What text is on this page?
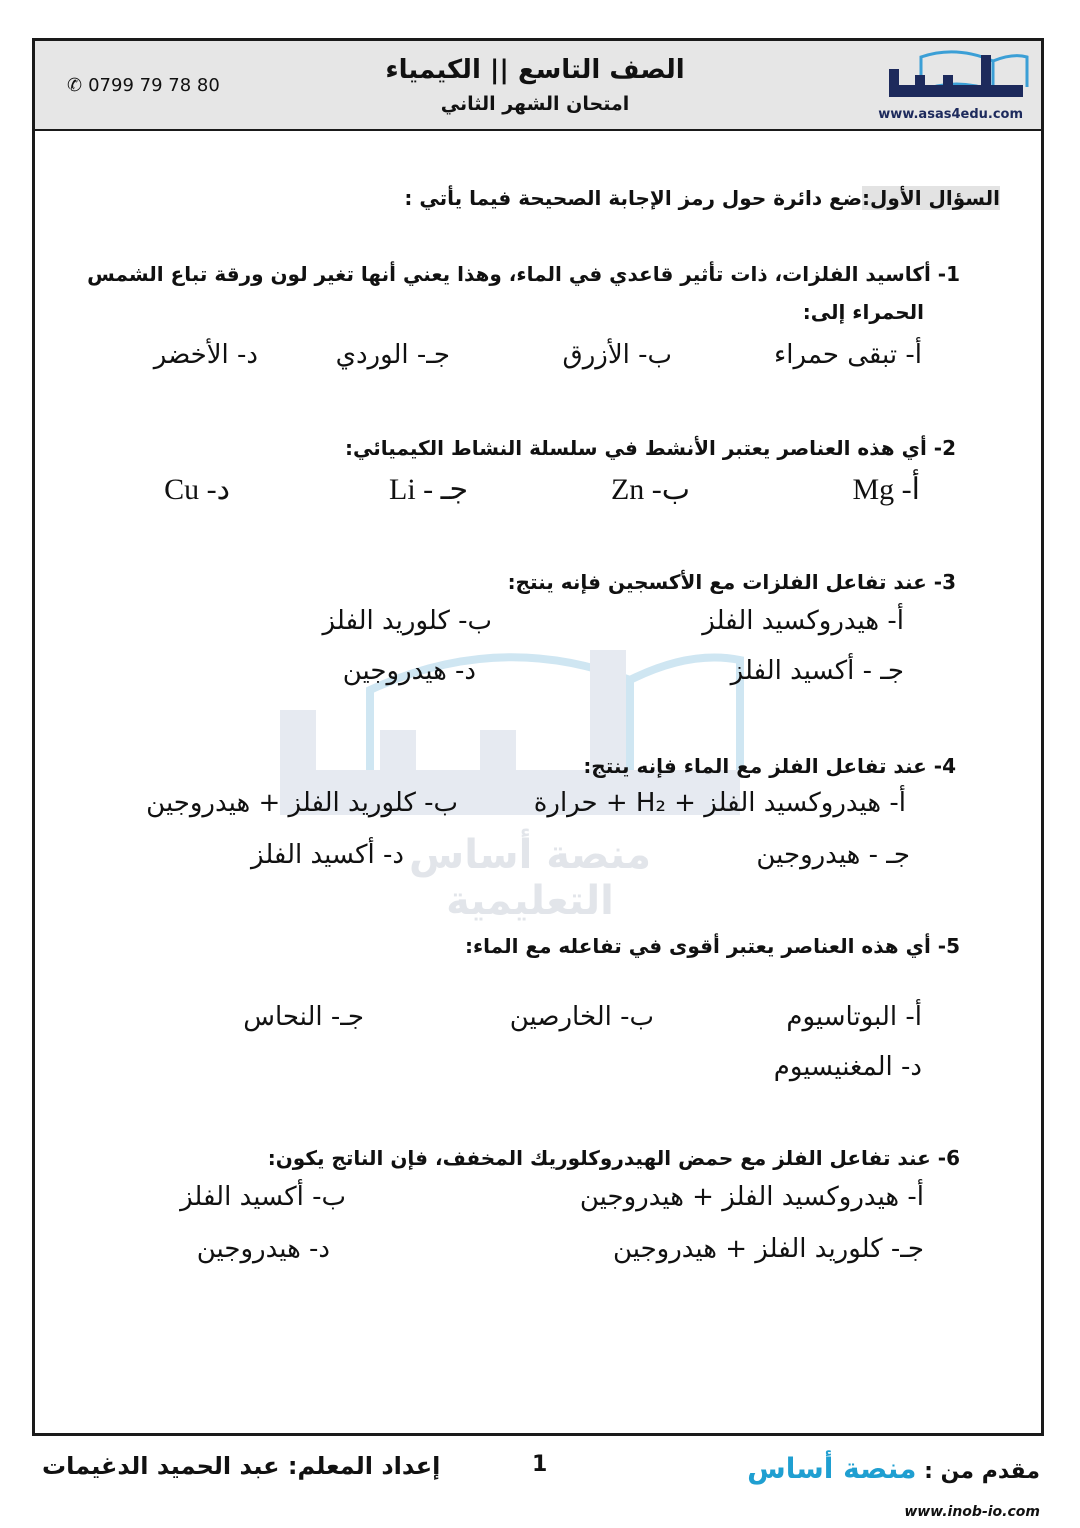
www.asas4edu.com
الصف التاسع || الكيمياء
امتحان الشهر الثاني
✆ 0799 79 78 80
منصة أساس التعليمية
السؤال الأول:ضع دائرة حول رمز الإجابة الصحيحة فيما يأتي :
1- أكاسيد الفلزات، ذات تأثير قاعدي في الماء، وهذا يعني أنها تغير لون ورقة تباع الشمس
الحمراء إلى:
أ- تبقى حمراء
ب- الأزرق
جـ- الوردي
د- الأخضر
2- أي هذه العناصر يعتبر الأنشط في سلسلة النشاط الكيميائي:
أ- Mg
ب- Zn
جـ - Li
د- Cu
3- عند تفاعل الفلزات مع الأكسجين فإنه ينتج:
أ- هيدروكسيد الفلز
ب- كلوريد الفلز
جـ - أكسيد الفلز
د- هيدروجين
4- عند تفاعل الفلز مع الماء فإنه ينتج:
أ- هيدروكسيد الفلز + H₂ + حرارة
ب- كلوريد الفلز + هيدروجين
جـ - هيدروجين
د- أكسيد الفلز
5- أي هذه العناصر يعتبر أقوى في تفاعله مع الماء:
أ- البوتاسيوم
ب- الخارصين
جـ- النحاس
د- المغنيسيوم
6- عند تفاعل الفلز مع حمض الهيدروكلوريك المخفف، فإن الناتج يكون:
أ- هيدروكسيد الفلز + هيدروجين
ب- أكسيد الفلز
جـ- كلوريد الفلز + هيدروجين
د- هيدروجين
مقدم من : منصة أساس
1
إعداد المعلم: عبد الحميد الدغيمات
www.inob-io.com
